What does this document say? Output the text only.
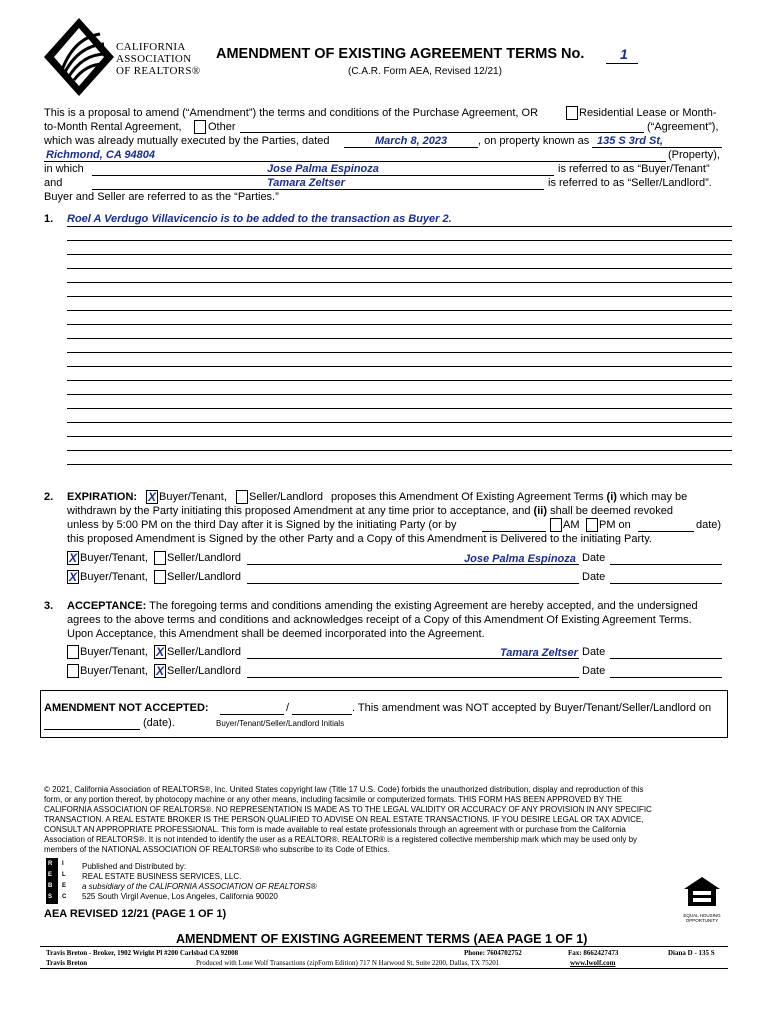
CALIFORNIA
ASSOCIATION
OF REALTORS®
AMENDMENT OF EXISTING AGREEMENT TERMS No.	1
(C.A.R. Form AEA, Revised 12/21)
This is a proposal to amend (“Amendment”) the terms and conditions of the Purchase Agreement, OR	Residential Lease or Month-
to-Month Rental Agreement, Other	(“Agreement”),
which was already mutually executed by the Parties, dated	March 8, 2023	, on property known as 135 S 3rd St,
Richmond, CA 94804	(Property),
in which	Jose Palma Espinoza	is referred to as “Buyer/Tenant”
and	Tamara Zeltser	is referred to as “Seller/Landlord”.
Buyer and Seller are referred to as the “Parties.”
1. Roel A Verdugo Villavicencio is to be added to the transaction as Buyer 2.
2. EXPIRATION: X Buyer/Tenant, Seller/Landlord proposes this Amendment Of Existing Agreement Terms (i) which may be
withdrawn by the Party initiating this proposed Amendment at any time prior to acceptance, and (ii) shall be deemed revoked
unless by 5:00 PM on the third Day after it is Signed by the initiating Party (or by	AM PM on	date)
this proposed Amendment is Signed by the other Party and a Copy of this Amendment is Delivered to the initiating Party.
X Buyer/Tenant, Seller/Landlord	Jose Palma Espinoza Date
X Buyer/Tenant, Seller/Landlord	Date
3. ACCEPTANCE: The foregoing terms and conditions amending the existing Agreement are hereby accepted, and the undersigned
agrees to the above terms and conditions and acknowledges receipt of a Copy of this Amendment Of Existing Agreement Terms.
Upon Acceptance, this Amendment shall be deemed incorporated into the Agreement.
Buyer/Tenant, X Seller/Landlord	Tamara Zeltser Date
Buyer/Tenant, X Seller/Landlord	Date
AMENDMENT NOT ACCEPTED:	/	. This amendment was NOT accepted by Buyer/Tenant/Seller/Landlord on
(date).	Buyer/Tenant/Seller/Landlord Initials
© 2021, California Association of REALTORS®, Inc. United States copyright law (Title 17 U.S. Code) forbids the unauthorized distribution, display and reproduction of this
form, or any portion thereof, by photocopy machine or any other means, including facsimile or computerized formats. THIS FORM HAS BEEN APPROVED BY THE
CALIFORNIA ASSOCIATION OF REALTORS®. NO REPRESENTATION IS MADE AS TO THE LEGAL VALIDITY OR ACCURACY OF ANY PROVISION IN ANY SPECIFIC
TRANSACTION. A REAL ESTATE BROKER IS THE PERSON QUALIFIED TO ADVISE ON REAL ESTATE TRANSACTIONS. IF YOU DESIRE LEGAL OR TAX ADVICE,
CONSULT AN APPROPRIATE PROFESSIONAL. This form is made available to real estate professionals through an agreement with or purchase from the California
Association of REALTORS®. It is not intended to identify the user as a REALTOR®. REALTOR® is a registered collective membership mark which may be used only by
members of the NATIONAL ASSOCIATION OF REALTORS® who subscribe to its Code of Ethics.
R
E
B
S
I
L
E
C
Published and Distributed by:
REAL ESTATE BUSINESS SERVICES, LLC.
a subsidiary of the CALIFORNIA ASSOCIATION OF REALTORS®
525 South Virgil Avenue, Los Angeles, California 90020
EQUAL HOUSING
OPPORTUNITY
AEA REVISED 12/21 (PAGE 1 OF 1)
AMENDMENT OF EXISTING AGREEMENT TERMS (AEA PAGE 1 OF 1)
Travis Breton - Broker, 1902 Wright Pl #200 Carlsbad CA 92008	Phone: 7604702752	Fax: 8662427473	Diana D - 135 S
Travis Breton	Produced with Lone Wolf Transactions (zipForm Edition) 717 N Harwood St, Suite 2200, Dallas, TX 75201	www.lwolf.com
